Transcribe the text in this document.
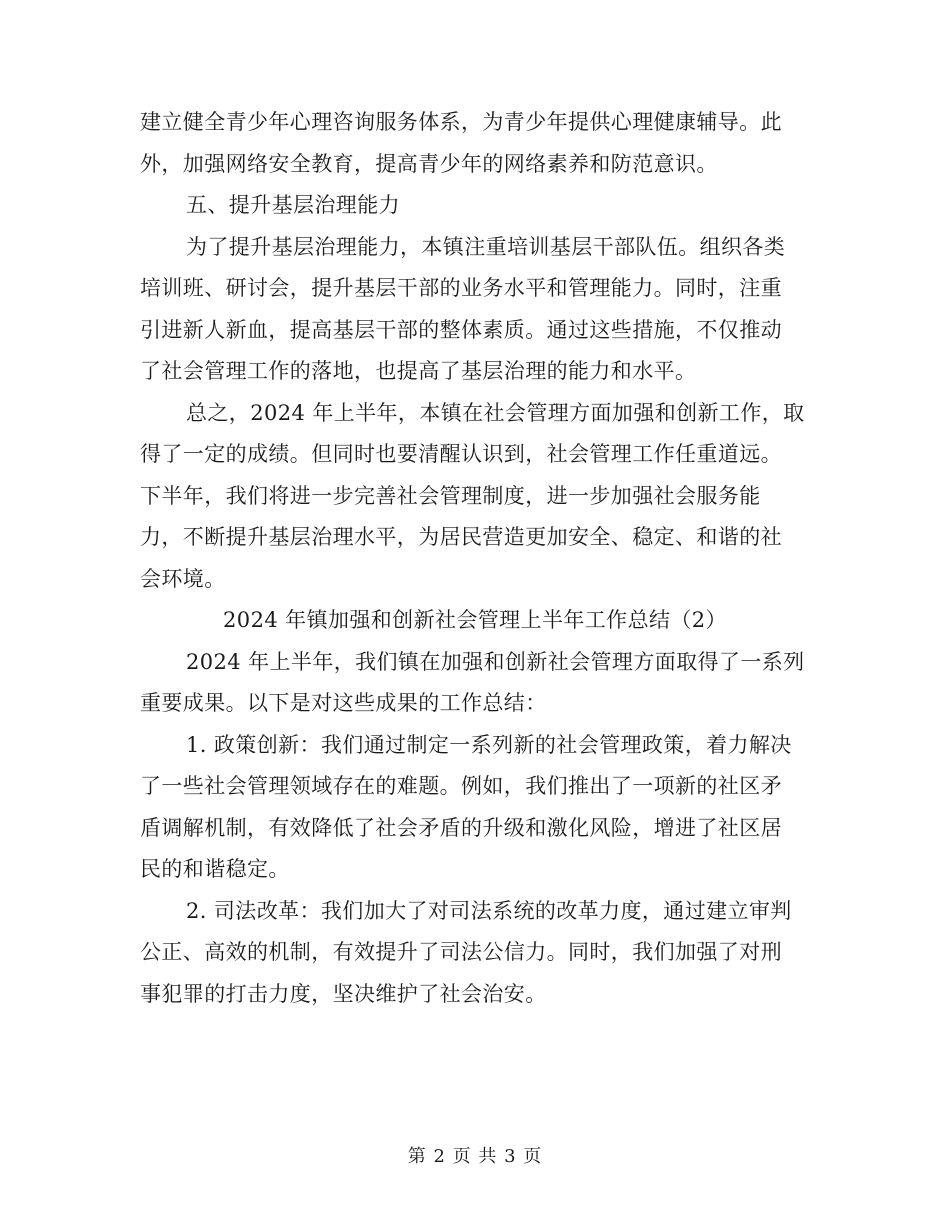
建立健全青少年心理咨询服务体系，为青少年提供心理健康辅导。此

外，加强网络安全教育，提高青少年的网络素养和防范意识。

五、提升基层治理能力

为了提升基层治理能力，本镇注重培训基层干部队伍。组织各类

培训班、研讨会，提升基层干部的业务水平和管理能力。同时，注重

引进新人新血，提高基层干部的整体素质。通过这些措施，不仅推动

了社会管理工作的落地，也提高了基层治理的能力和水平。

总之，2024 年上半年，本镇在社会管理方面加强和创新工作，取

得了一定的成绩。但同时也要清醒认识到，社会管理工作任重道远。

下半年，我们将进一步完善社会管理制度，进一步加强社会服务能

力，不断提升基层治理水平，为居民营造更加安全、稳定、和谐的社

会环境。

2024 年镇加强和创新社会管理上半年工作总结（2）

2024 年上半年，我们镇在加强和创新社会管理方面取得了一系列

重要成果。以下是对这些成果的工作总结：

1. 政策创新：我们通过制定一系列新的社会管理政策，着力解决

了一些社会管理领域存在的难题。例如，我们推出了一项新的社区矛

盾调解机制，有效降低了社会矛盾的升级和激化风险，增进了社区居

民的和谐稳定。

2. 司法改革：我们加大了对司法系统的改革力度，通过建立审判

公正、高效的机制，有效提升了司法公信力。同时，我们加强了对刑

事犯罪的打击力度，坚决维护了社会治安。

第 2 页 共 3 页
